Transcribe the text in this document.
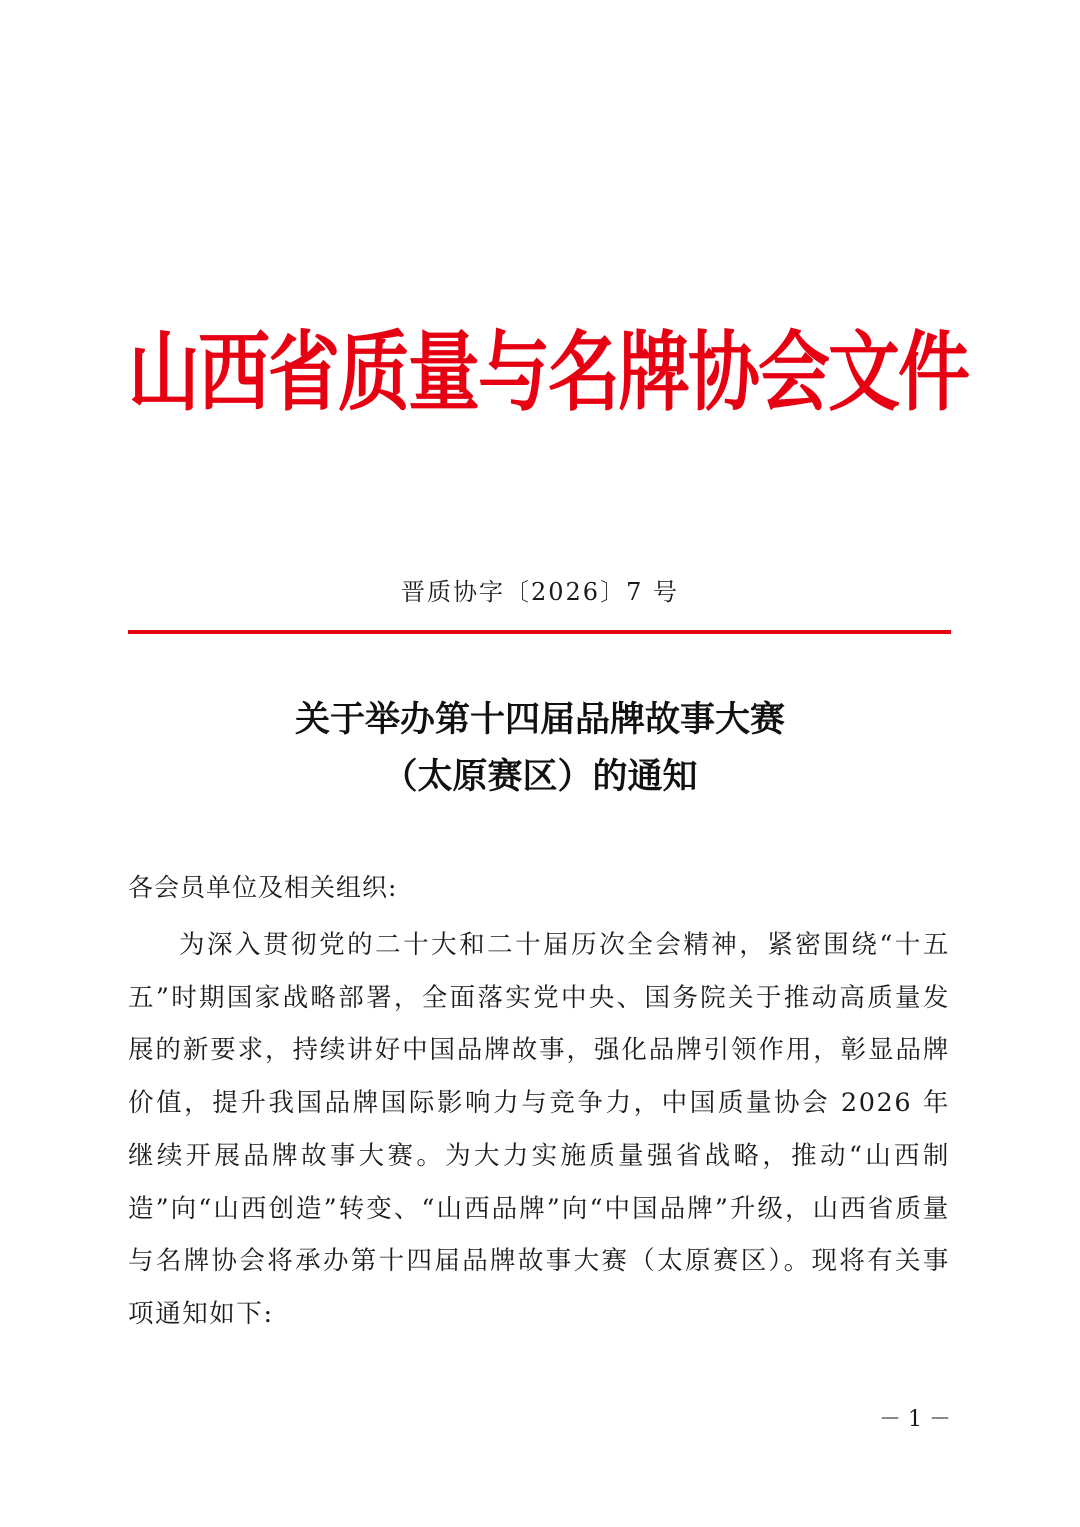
山西省质量与名牌协会文件
晋质协字〔2026〕7 号
关于举办第十四届品牌故事大赛
（太原赛区）的通知

各会员单位及相关组织:

为深入贯彻党的二十大和二十届历次全会精神，紧密围绕“十五五”时期国家战略部署，全面落实党中央、国务院关于推动高质量发展的新要求，持续讲好中国品牌故事，强化品牌引领作用，彰显品牌价值，提升我国品牌国际影响力与竞争力，中国质量协会 2026 年继续开展品牌故事大赛。为大力实施质量强省战略，推动“山西制造”向“山西创造”转变、“山西品牌”向“中国品牌”升级，山西省质量与名牌协会将承办第十四届品牌故事大赛（太原赛区）。现将有关事项通知如下:

－ 1 －
